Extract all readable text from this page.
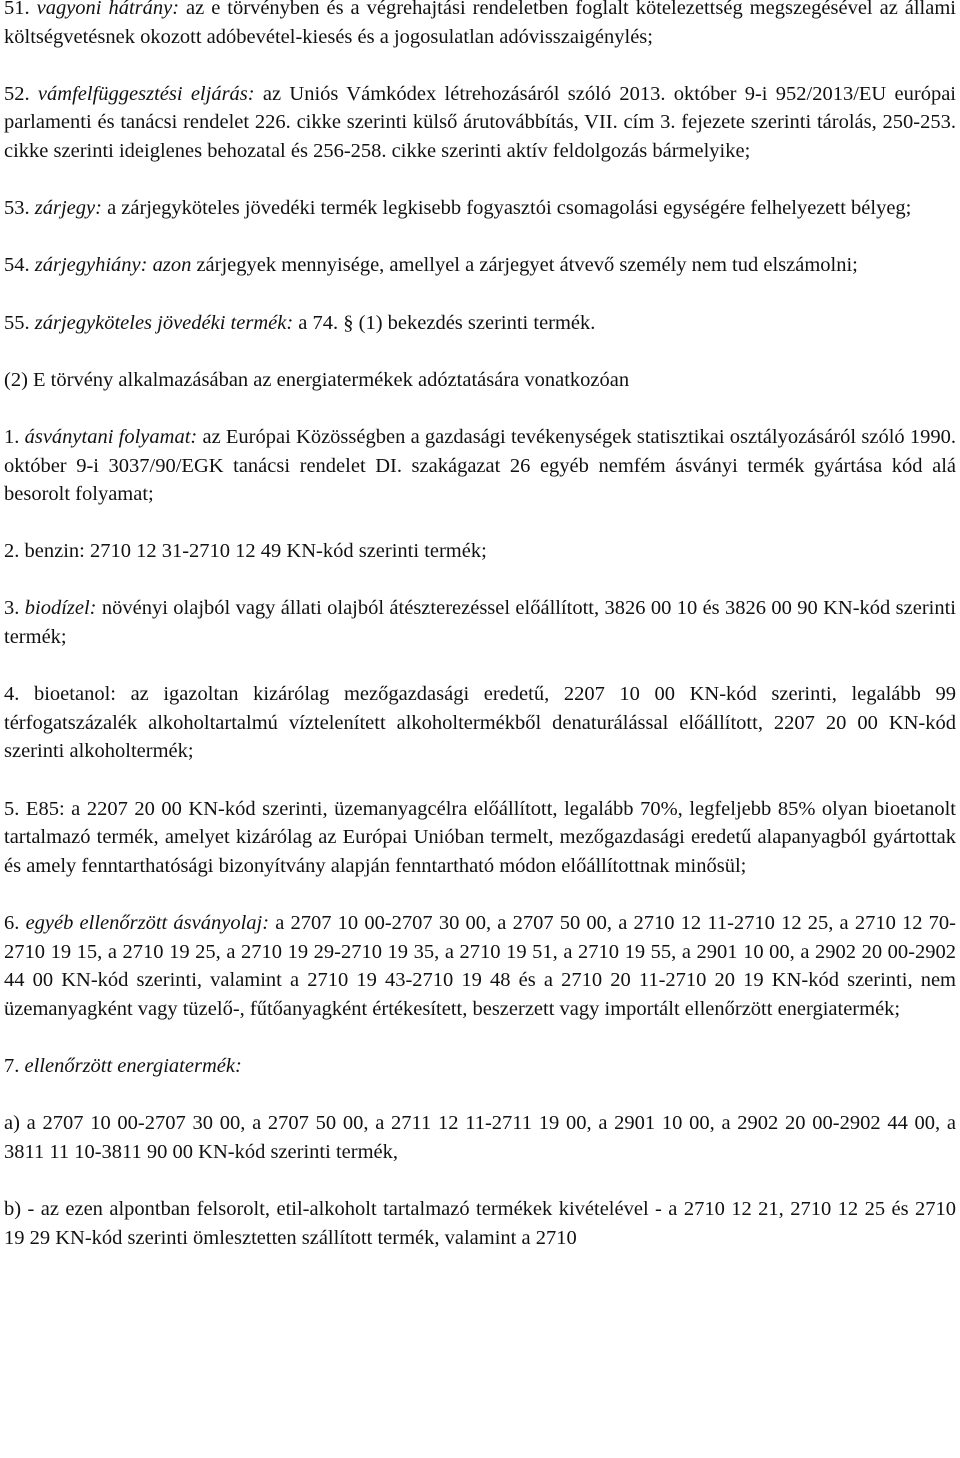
51. vagyoni hátrány: az e törvényben és a végrehajtási rendeletben foglalt kötelezettség megszegésével az állami költségvetésnek okozott adóbevétel-kiesés és a jogosulatlan adóvisszaigénylés;

52. vámfelfüggesztési eljárás: az Uniós Vámkódex létrehozásáról szóló 2013. október 9-i 952/2013/EU európai parlamenti és tanácsi rendelet 226. cikke szerinti külső árutovábbítás, VII. cím 3. fejezete szerinti tárolás, 250-253. cikke szerinti ideiglenes behozatal és 256-258. cikke szerinti aktív feldolgozás bármelyike;

53. zárjegy: a zárjegyköteles jövedéki termék legkisebb fogyasztói csomagolási egységére felhelyezett bélyeg;

54. zárjegyhiány: azon zárjegyek mennyisége, amellyel a zárjegyet átvevő személy nem tud elszámolni;

55. zárjegyköteles jövedéki termék: a 74. § (1) bekezdés szerinti termék.

(2) E törvény alkalmazásában az energiatermékek adóztatására vonatkozóan

1. ásványtani folyamat: az Európai Közösségben a gazdasági tevékenységek statisztikai osztályozásáról szóló 1990. október 9-i 3037/90/EGK tanácsi rendelet DI. szakágazat 26 egyéb nemfém ásványi termék gyártása kód alá besorolt folyamat;

2. benzin: 2710 12 31-2710 12 49 KN-kód szerinti termék;

3. biodízel: növényi olajból vagy állati olajból átészterezéssel előállított, 3826 00 10 és 3826 00 90 KN-kód szerinti termék;

4. bioetanol: az igazoltan kizárólag mezőgazdasági eredetű, 2207 10 00 KN-kód szerinti, legalább 99 térfogatszázalék alkoholtartalmú víztelenített alkoholtermékből denaturálással előállított, 2207 20 00 KN-kód szerinti alkoholtermék;

5. E85: a 2207 20 00 KN-kód szerinti, üzemanyagcélra előállított, legalább 70%, legfeljebb 85% olyan bioetanolt tartalmazó termék, amelyet kizárólag az Európai Unióban termelt, mezőgazdasági eredetű alapanyagból gyártottak és amely fenntarthatósági bizonyítvány alapján fenntartható módon előállítottnak minősül;

6. egyéb ellenőrzött ásványolaj: a 2707 10 00-2707 30 00, a 2707 50 00, a 2710 12 11-2710 12 25, a 2710 12 70-2710 19 15, a 2710 19 25, a 2710 19 29-2710 19 35, a 2710 19 51, a 2710 19 55, a 2901 10 00, a 2902 20 00-2902 44 00 KN-kód szerinti, valamint a 2710 19 43-2710 19 48 és a 2710 20 11-2710 20 19 KN-kód szerinti, nem üzemanyagként vagy tüzelő-, fűtőanyagként értékesített, beszerzett vagy importált ellenőrzött energiatermék;

7. ellenőrzött energiatermék:

a) a 2707 10 00-2707 30 00, a 2707 50 00, a 2711 12 11-2711 19 00, a 2901 10 00, a 2902 20 00-2902 44 00, a 3811 11 10-3811 90 00 KN-kód szerinti termék,

b) - az ezen alpontban felsorolt, etil-alkoholt tartalmazó termékek kivételével - a 2710 12 21, 2710 12 25 és 2710 19 29 KN-kód szerinti ömlesztetten szállított termék, valamint a 2710
